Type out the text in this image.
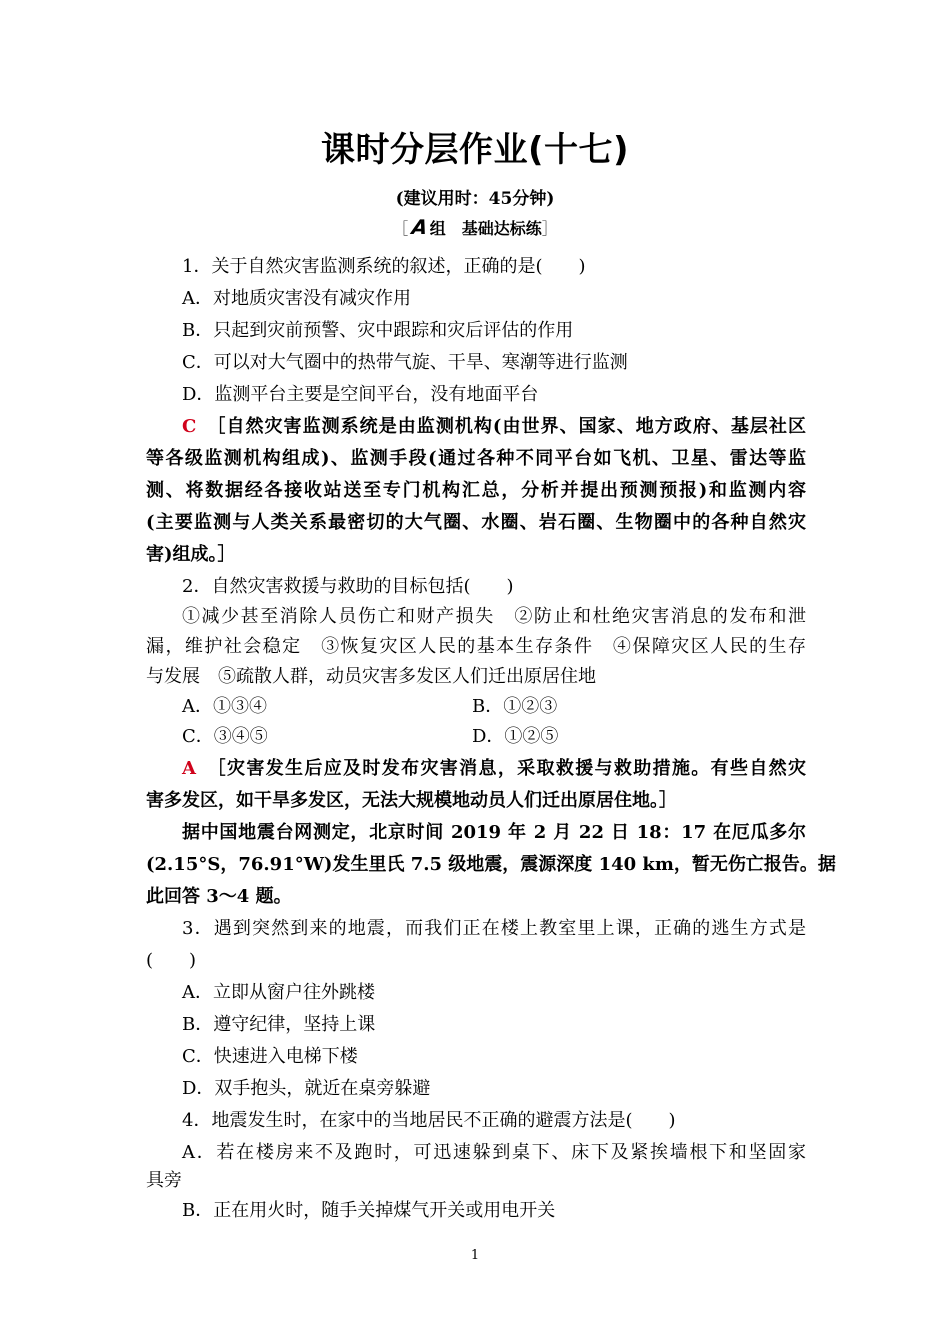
课时分层作业(十七)
(建议用时：45分钟)
［ A组　基础达标练］
1．关于自然灾害监测系统的叙述，正确的是(　　)
A．对地质灾害没有减灾作用
B．只起到灾前预警、灾中跟踪和灾后评估的作用
C．可以对大气圈中的热带气旋、干旱、寒潮等进行监测
D．监测平台主要是空间平台，没有地面平台
C　 ［自然灾害监测系统是由监测机构(由世界、国家、地方政府、基层社区
等各级监测机构组成)、监测手段(通过各种不同平台如飞机、卫星、雷达等监
测、将数据经各接收站送至专门机构汇总，分析并提出预测预报)和监测内容
(主要监测与人类关系最密切的大气圈、水圈、岩石圈、生物圈中的各种自然灾
害)组成。］
2．自然灾害救援与救助的目标包括(　　)
①减少甚至消除人员伤亡和财产损失　②防止和杜绝灾害消息的发布和泄
漏，维护社会稳定　③恢复灾区人民的基本生存条件　④保障灾区人民的生存
与发展　⑤疏散人群，动员灾害多发区人们迁出原居住地
A．①③④	B．①②③
C．③④⑤	D．①②⑤
A　 ［灾害发生后应及时发布灾害消息，采取救援与救助措施。有些自然灾
害多发区，如干旱多发区，无法大规模地动员人们迁出原居住地。］
据中国地震台网测定，北京时间 2019 年 2 月 22 日 18：17 在厄瓜多尔
(2.15°S，76.91°W)发生里氏 7.5 级地震，震源深度 140 km，暂无伤亡报告。据
此回答 3～4 题。
3．遇到突然到来的地震，而我们正在楼上教室里上课，正确的逃生方式是
(　　)
A．立即从窗户往外跳楼
B．遵守纪律，坚持上课
C．快速进入电梯下楼
D．双手抱头，就近在桌旁躲避
4．地震发生时，在家中的当地居民不正确的避震方法是(　　)
A．若在楼房来不及跑时，可迅速躲到桌下、床下及紧挨墙根下和坚固家
具旁
B．正在用火时，随手关掉煤气开关或用电开关
1
